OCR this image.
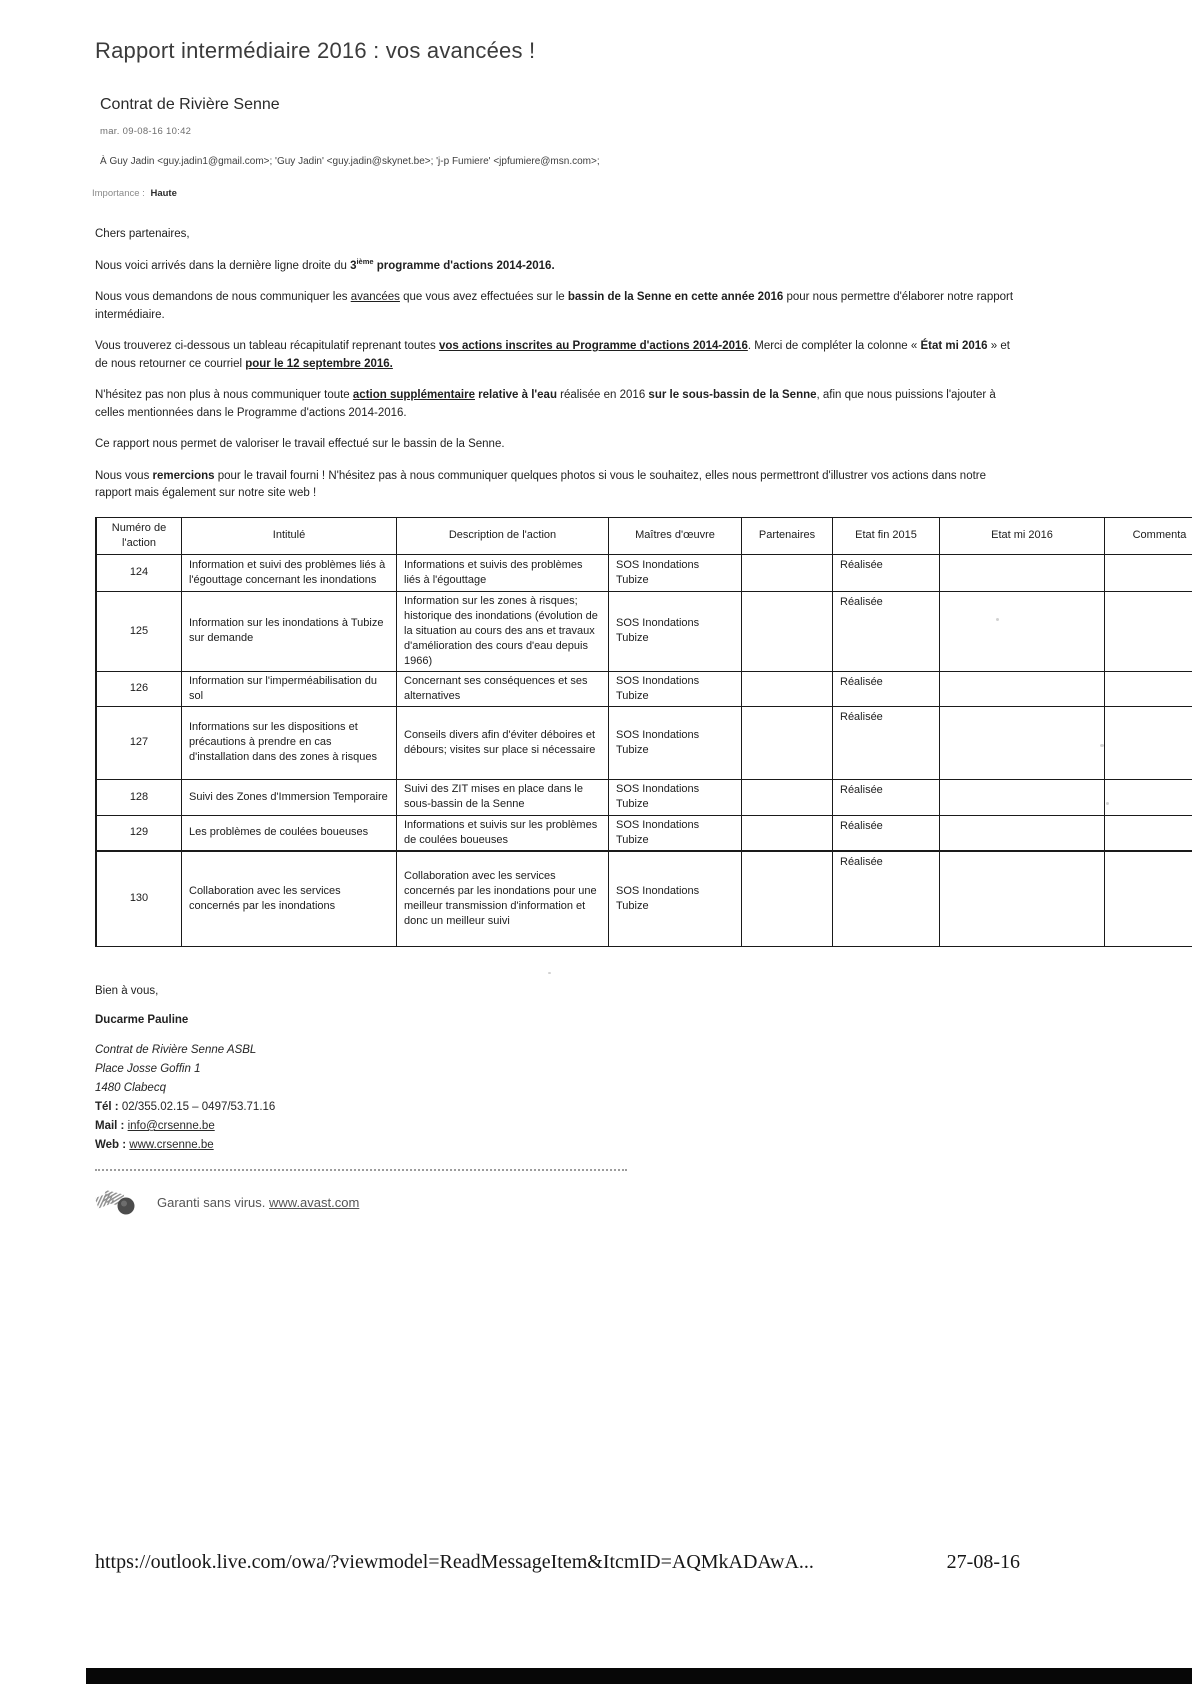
Rapport intermédiaire 2016 : vos avancées !
Contrat de Rivière Senne
mar. 09-08-16 10:42
À Guy Jadin <guy.jadin1@gmail.com>; 'Guy Jadin' <guy.jadin@skynet.be>; 'j-p Fumiere' <jpfumiere@msn.com>;
Importance : Haute

Chers partenaires,

Nous voici arrivés dans la dernière ligne droite du 3ième programme d'actions 2014-2016.

Nous vous demandons de nous communiquer les avancées que vous avez effectuées sur le bassin de la Senne en cette année 2016 pour nous permettre d'élaborer notre rapport intermédiaire.

Vous trouverez ci-dessous un tableau récapitulatif reprenant toutes vos actions inscrites au Programme d'actions 2014-2016. Merci de compléter la colonne « État mi 2016 » et de nous retourner ce courriel pour le 12 septembre 2016.

N'hésitez pas non plus à nous communiquer toute action supplémentaire relative à l'eau réalisée en 2016 sur le sous-bassin de la Senne, afin que nous puissions l'ajouter à celles mentionnées dans le Programme d'actions 2014-2016.

Ce rapport nous permet de valoriser le travail effectué sur le bassin de la Senne.

Nous vous remercions pour le travail fourni ! N'hésitez pas à nous communiquer quelques photos si vous le souhaitez, elles nous permettront d'illustrer vos actions dans notre rapport mais également sur notre site web !

Numéro de l'action	Intitulé	Description de l'action	Maîtres d'œuvre	Partenaires	Etat fin 2015	Etat mi 2016	Commenta
124	Information et suivi des problèmes liés à l'égouttage concernant les inondations	Informations et suivis des problèmes liés à l'égouttage	SOS Inondations Tubize		Réalisée		
125	Information sur les inondations à Tubize sur demande	Information sur les zones à risques; historique des inondations (évolution de la situation au cours des ans et travaux d'amélioration des cours d'eau depuis 1966)	SOS Inondations Tubize		Réalisée		
126	Information sur l'imperméabilisation du sol	Concernant ses conséquences et ses alternatives	SOS Inondations Tubize		Réalisée		
127	Informations sur les dispositions et précautions à prendre en cas d'installation dans des zones à risques	Conseils divers afin d'éviter déboires et débours; visites sur place si nécessaire	SOS Inondations Tubize		Réalisée		
128	Suivi des Zones d'Immersion Temporaire	Suivi des ZIT mises en place dans le sous-bassin de la Senne	SOS Inondations Tubize		Réalisée		
129	Les problèmes de coulées boueuses	Informations et suivis sur les problèmes de coulées boueuses	SOS Inondations Tubize		Réalisée		
130	Collaboration avec les services concernés par les inondations	Collaboration avec les services concernés par les inondations pour une meilleur transmission d'information et donc un meilleur suivi	SOS Inondations Tubize		Réalisée		
Bien à vous,
Ducarme Pauline
Contrat de Rivière Senne ASBL
Place Josse Goffin 1
1480 Clabecq
Tél : 02/355.02.15 – 0497/53.71.16
Mail : info@crsenne.be
Web : www.crsenne.be
Garanti sans virus. www.avast.com
https://outlook.live.com/owa/?viewmodel=ReadMessageItem&ItcmID=AQMkADAwA...	27-08-16
